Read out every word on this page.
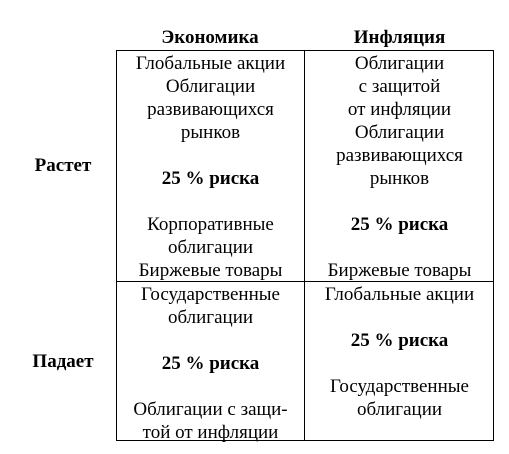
Экономика	Инфляция
Растет
Падает
Глобальные акции
Облигации
развивающихся
рынков
25 % риска
Корпоративные
облигации
Биржевые товары
Облигации
с защитой
от инфляции
Облигации
развивающихся
рынков
25 % риска
Биржевые товары
Государственные
облигации
25 % риска
Облигации с защи-
той от инфляции
Глобальные акции
25 % риска
Государственные
облигации
